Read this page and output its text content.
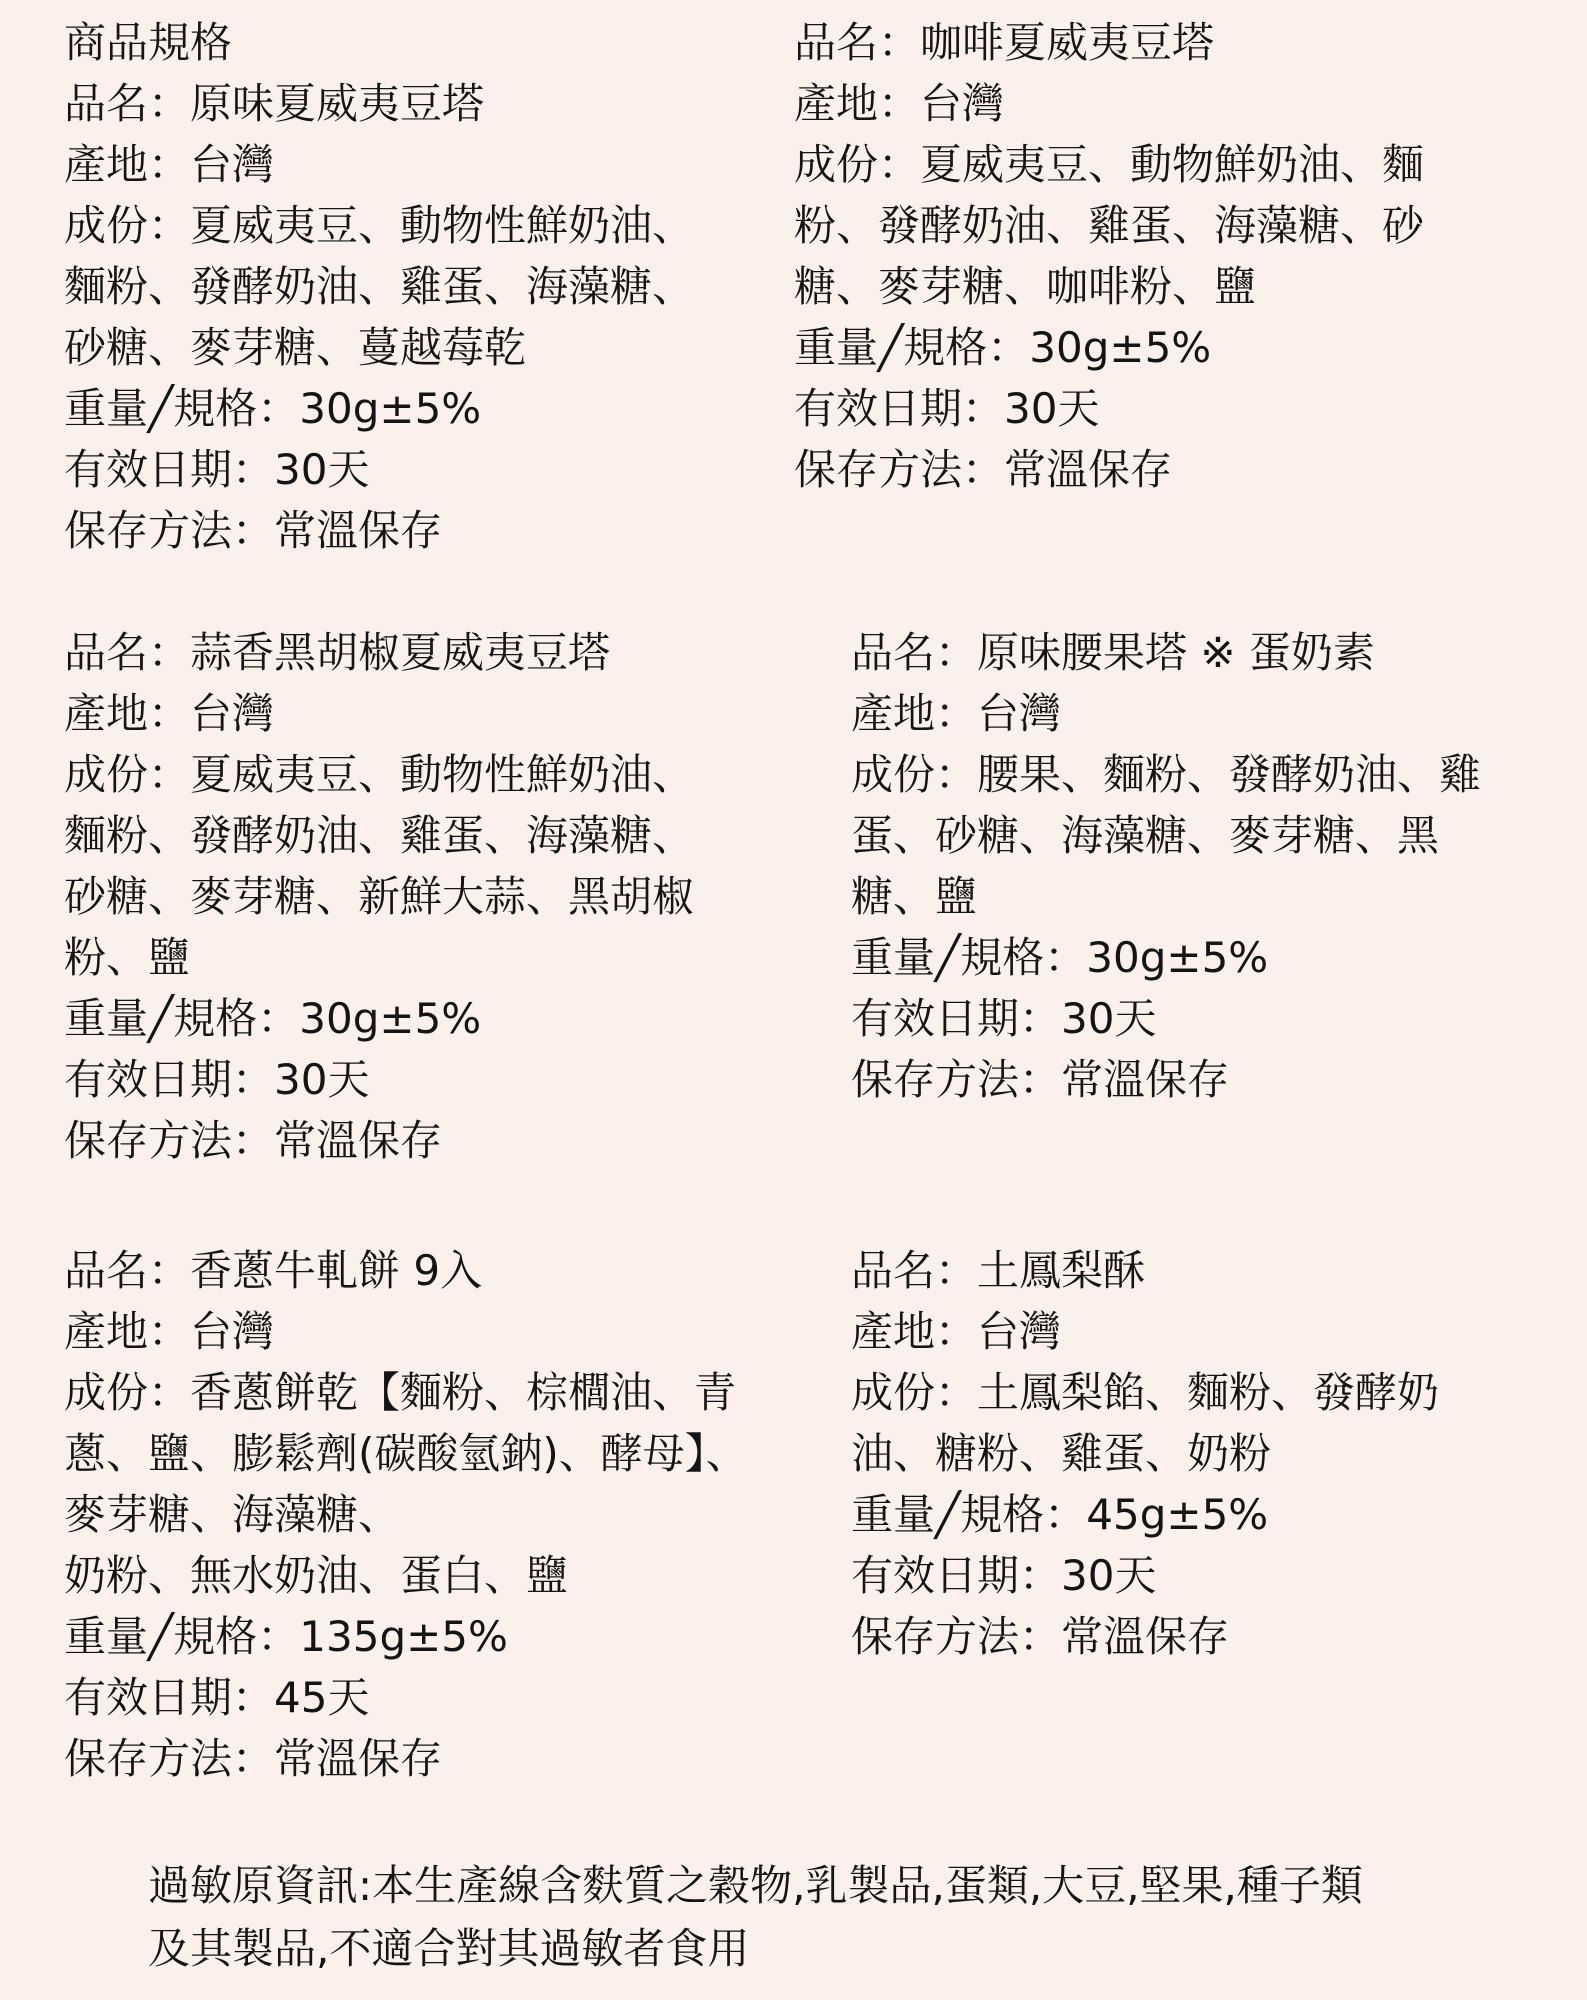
商品規格
品名：原味夏威夷豆塔
產地：台灣
成份：夏威夷豆、動物性鮮奶油、
麵粉、發酵奶油、雞蛋、海藻糖、
砂糖、麥芽糖、蔓越莓乾
重量╱規格：30g±5%
有效日期：30天
保存方法：常溫保存
品名：咖啡夏威夷豆塔
產地：台灣
成份：夏威夷豆、動物鮮奶油、麵
粉、發酵奶油、雞蛋、海藻糖、砂
糖、麥芽糖、咖啡粉、鹽
重量╱規格：30g±5%
有效日期：30天
保存方法：常溫保存
品名：蒜香黑胡椒夏威夷豆塔
產地：台灣
成份：夏威夷豆、動物性鮮奶油、
麵粉、發酵奶油、雞蛋、海藻糖、
砂糖、麥芽糖、新鮮大蒜、黑胡椒
粉、鹽
重量╱規格：30g±5%
有效日期：30天
保存方法：常溫保存
品名：原味腰果塔 ※ 蛋奶素
產地：台灣
成份：腰果、麵粉、發酵奶油、雞
蛋、砂糖、海藻糖、麥芽糖、黑
糖、鹽
重量╱規格：30g±5%
有效日期：30天
保存方法：常溫保存
品名：香蔥牛軋餅 9入
產地：台灣
成份：香蔥餅乾【麵粉、棕櫚油、青
蔥、鹽、膨鬆劑(碳酸氫鈉)、酵母】、
麥芽糖、海藻糖、
奶粉、無水奶油、蛋白、鹽
重量╱規格：135g±5%
有效日期：45天
保存方法：常溫保存
品名：土鳳梨酥
產地：台灣
成份：土鳳梨餡、麵粉、發酵奶
油、糖粉、雞蛋、奶粉
重量╱規格：45g±5%
有效日期：30天
保存方法：常溫保存
過敏原資訊:本生產線含麩質之穀物,乳製品,蛋類,大豆,堅果,種子類
及其製品,不適合對其過敏者食用
